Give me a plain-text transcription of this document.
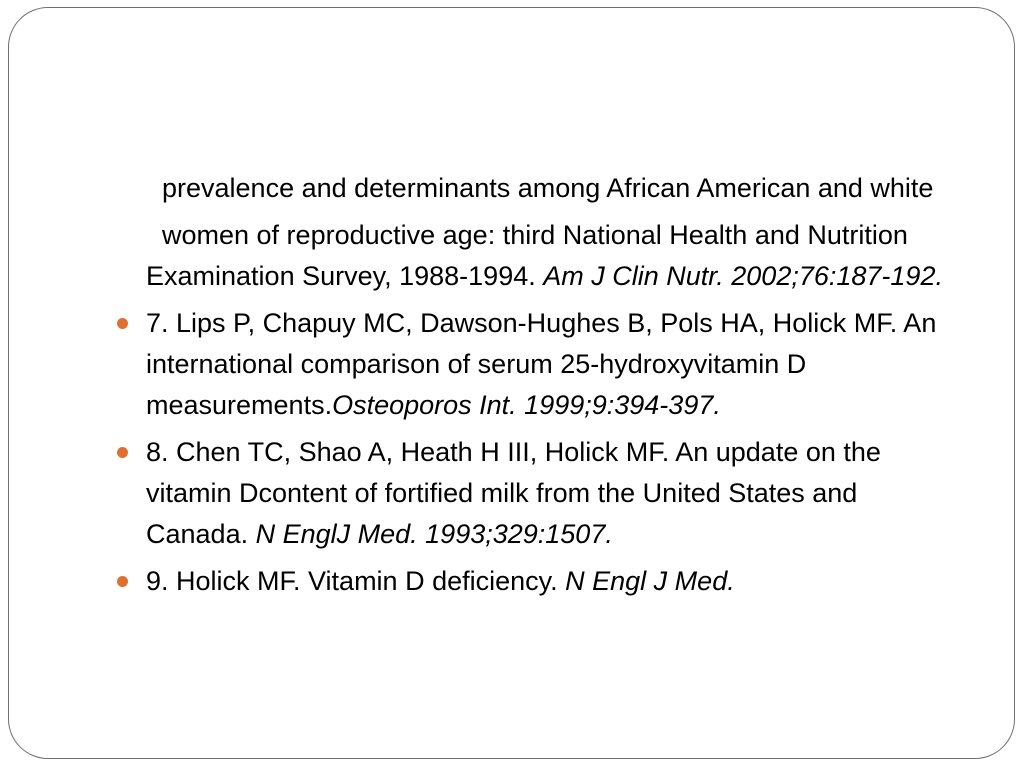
prevalence and determinants among African American and white

women of reproductive age: third National Health and Nutrition Examination Survey, 1988-1994. Am J Clin Nutr. 2002;76:187-192.

7. Lips P, Chapuy MC, Dawson-Hughes B, Pols HA, Holick MF. An international comparison of serum 25-hydroxyvitamin D measurements.Osteoporos Int. 1999;9:394-397.
8. Chen TC, Shao A, Heath H III, Holick MF. An update on the vitamin Dcontent of fortified milk from the United States and Canada. N EnglJ Med. 1993;329:1507.
9. Holick MF. Vitamin D deficiency. N Engl J Med.
